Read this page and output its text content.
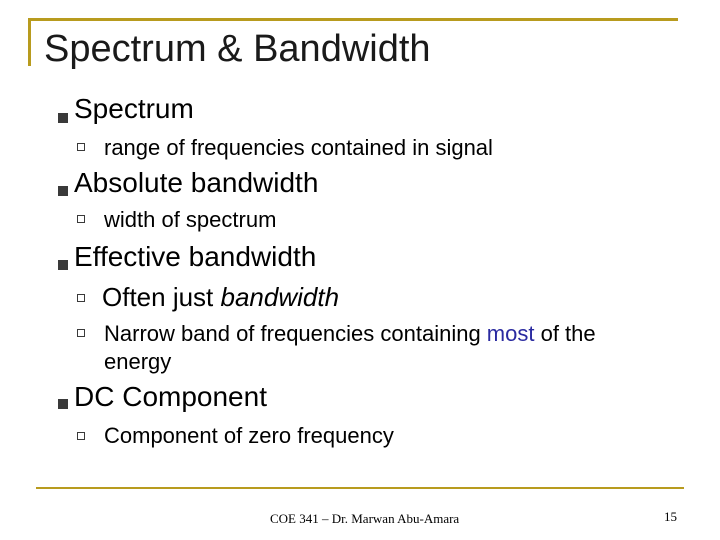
Spectrum & Bandwidth
Spectrum
range of frequencies contained in signal
Absolute bandwidth
width of spectrum
Effective bandwidth
Often just bandwidth
Narrow band of frequencies containing most of the
energy
DC Component
Component of zero frequency
COE 341 – Dr. Marwan Abu-Amara	15
